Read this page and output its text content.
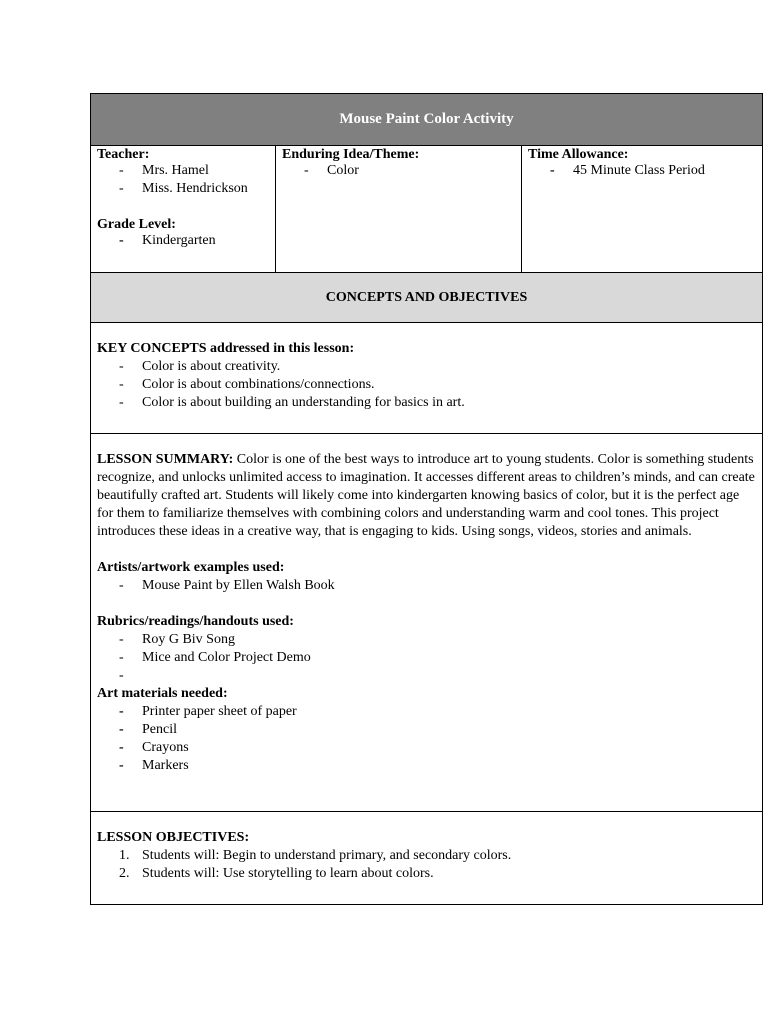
Mouse Paint Color Activity
Teacher:
- Mrs. Hamel
- Miss. Hendrickson
Grade Level:
- Kindergarten
Enduring Idea/Theme:
- Color
Time Allowance:
- 45 Minute Class Period
CONCEPTS AND OBJECTIVES
KEY CONCEPTS addressed in this lesson:
- Color is about creativity.
- Color is about combinations/connections.
- Color is about building an understanding for basics in art.

LESSON SUMMARY: Color is one of the best ways to introduce art to young students. Color is something students recognize, and unlocks unlimited access to imagination. It accesses different areas to children’s minds, and can create beautifully crafted art. Students will likely come into kindergarten knowing basics of color, but it is the perfect age for them to familiarize themselves with combining colors and understanding warm and cool tones. This project introduces these ideas in a creative way, that is engaging to kids. Using songs, videos, stories and animals.

Artists/artwork examples used:
- Mouse Paint by Ellen Walsh Book
Rubrics/readings/handouts used:
- Roy G Biv Song
- Mice and Color Project Demo
-
Art materials needed:
- Printer paper sheet of paper
- Pencil
- Crayons
- Markers
LESSON OBJECTIVES:
1. Students will: Begin to understand primary, and secondary colors.
2. Students will: Use storytelling to learn about colors.
